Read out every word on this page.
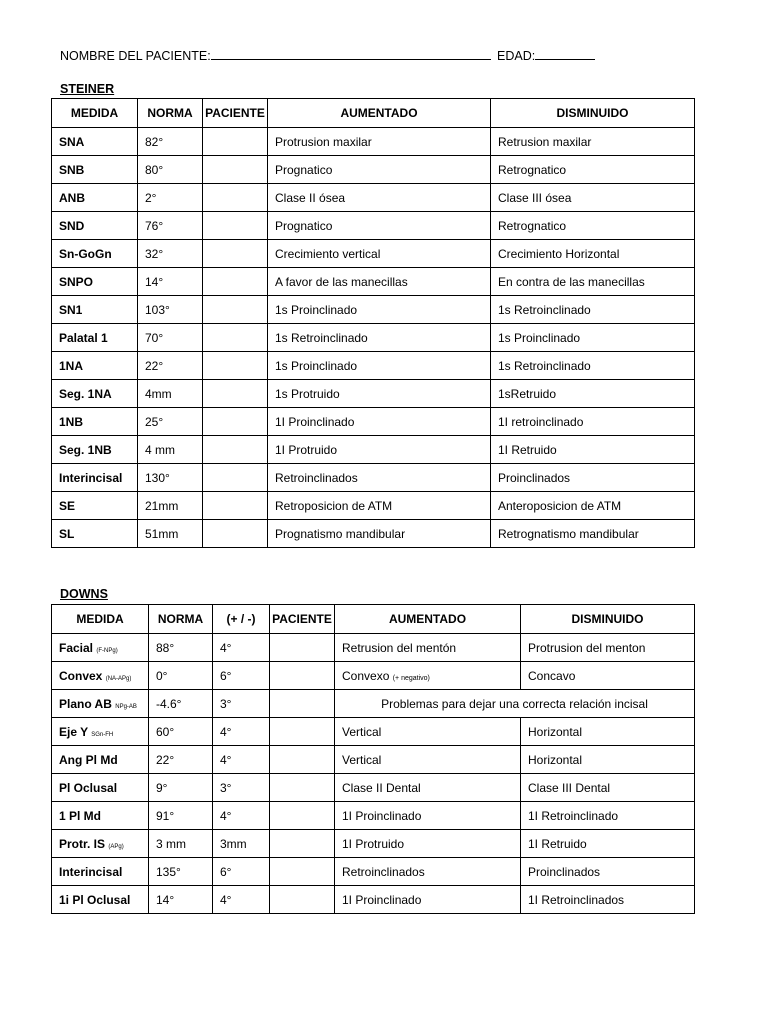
NOMBRE DEL PACIENTE:	EDAD:
STEINER
MEDIDA	NORMA	PACIENTE	AUMENTADO	DISMINUIDO
SNA	82°		Protrusion maxilar	Retrusion maxilar
SNB	80°		Prognatico	Retrognatico
ANB	2°		Clase II ósea	Clase III ósea
SND	76°		Prognatico	Retrognatico
Sn-GoGn	32°		Crecimiento vertical	Crecimiento Horizontal
SNPO	14°		A favor de las manecillas	En contra de las manecillas
SN1	103°		1s Proinclinado	1s Retroinclinado
Palatal 1	70°		1s Retroinclinado	1s Proinclinado
1NA	22°		1s Proinclinado	1s Retroinclinado
Seg. 1NA	4mm		1s Protruido	1sRetruido
1NB	25°		1I Proinclinado	1I retroinclinado
Seg. 1NB	4 mm		1I Protruido	1I Retruido
Interincisal	130°		Retroinclinados	Proinclinados
SE	21mm		Retroposicion de ATM	Anteroposicion de ATM
SL	51mm		Prognatismo mandibular	Retrognatismo mandibular
DOWNS
MEDIDA	NORMA	(+ / -)	PACIENTE	AUMENTADO	DISMINUIDO
Facial (F-NPg)	88°	4°		Retrusion del mentón	Protrusion del menton
Convex (NA-APg)	0°	6°		Convexo (+ negativo)	Concavo
Plano AB NPg-AB	-4.6°	3°		Problemas para dejar una correcta relación incisal	
Eje Y SGn-FH	60°	4°		Vertical	Horizontal
Ang Pl Md	22°	4°		Vertical	Horizontal
Pl Oclusal	9°	3°		Clase II Dental	Clase III Dental
1 Pl Md	91°	4°		1I Proinclinado	1I Retroinclinado
Protr. IS (APg)	3 mm	3mm		1I Protruido	1I Retruido
Interincisal	135°	6°		Retroinclinados	Proinclinados
1i Pl Oclusal	14°	4°		1I Proinclinado	1I Retroinclinados
